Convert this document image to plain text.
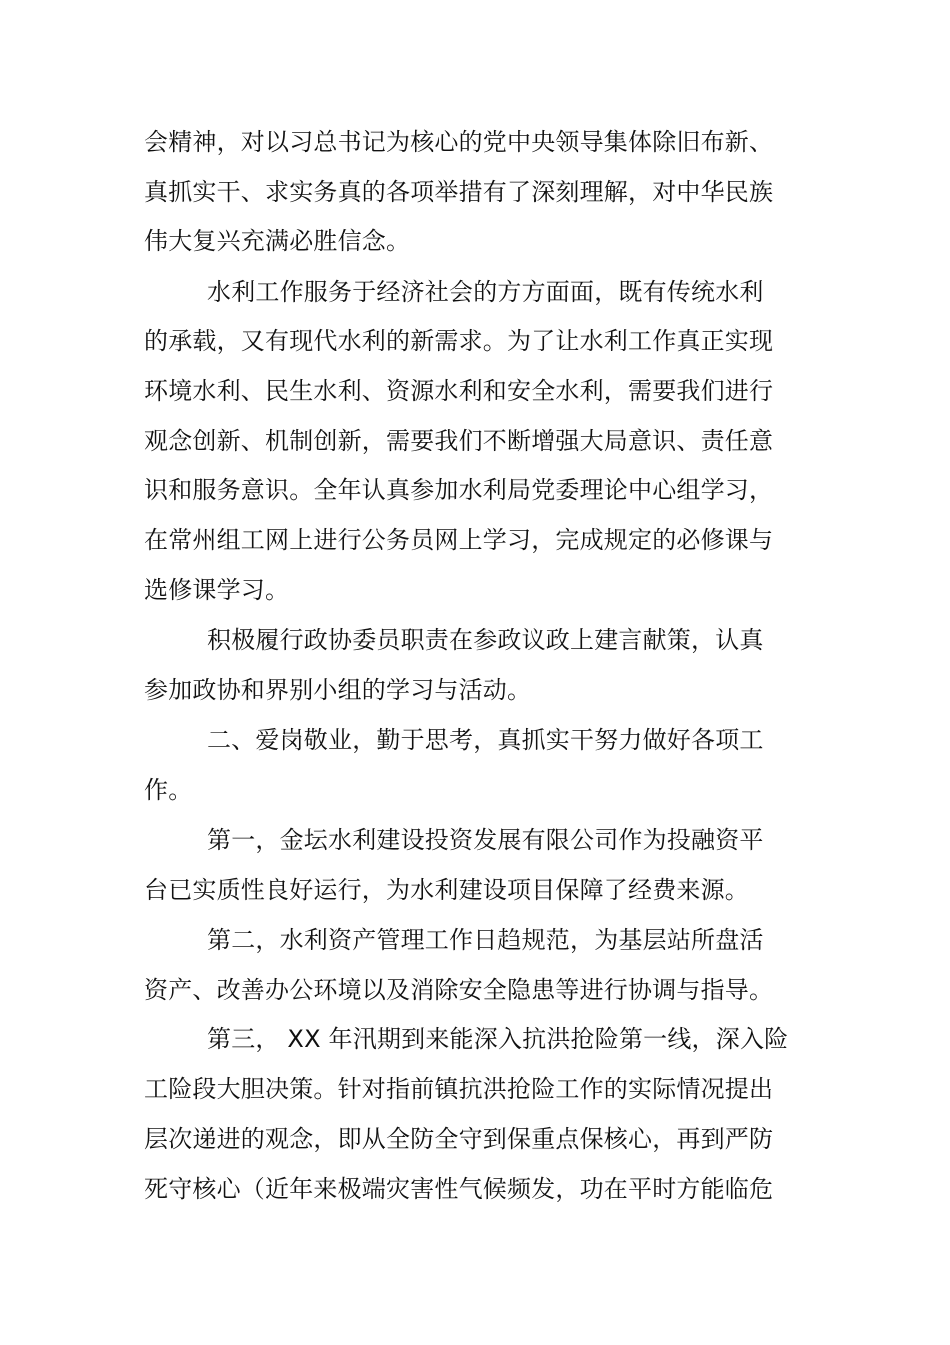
会精神，对以习总书记为核心的党中央领导集体除旧布新、
真抓实干、求实务真的各项举措有了深刻理解，对中华民族
伟大复兴充满必胜信念。
水利工作服务于经济社会的方方面面，既有传统水利
的承载，又有现代水利的新需求。为了让水利工作真正实现
环境水利、民生水利、资源水利和安全水利，需要我们进行
观念创新、机制创新，需要我们不断增强大局意识、责任意
识和服务意识。全年认真参加水利局党委理论中心组学习，
在常州组工网上进行公务员网上学习，完成规定的必修课与
选修课学习。
积极履行政协委员职责在参政议政上建言献策，认真
参加政协和界别小组的学习与活动。
二、爱岗敬业，勤于思考，真抓实干努力做好各项工
作。
第一，金坛水利建设投资发展有限公司作为投融资平
台已实质性良好运行，为水利建设项目保障了经费来源。
第二，水利资产管理工作日趋规范，为基层站所盘活
资产、改善办公环境以及消除安全隐患等进行协调与指导。
第三， XX 年汛期到来能深入抗洪抢险第一线，深入险
工险段大胆决策。针对指前镇抗洪抢险工作的实际情况提出
层次递进的观念，即从全防全守到保重点保核心，再到严防
死守核心（近年来极端灾害性气候频发，功在平时方能临危
